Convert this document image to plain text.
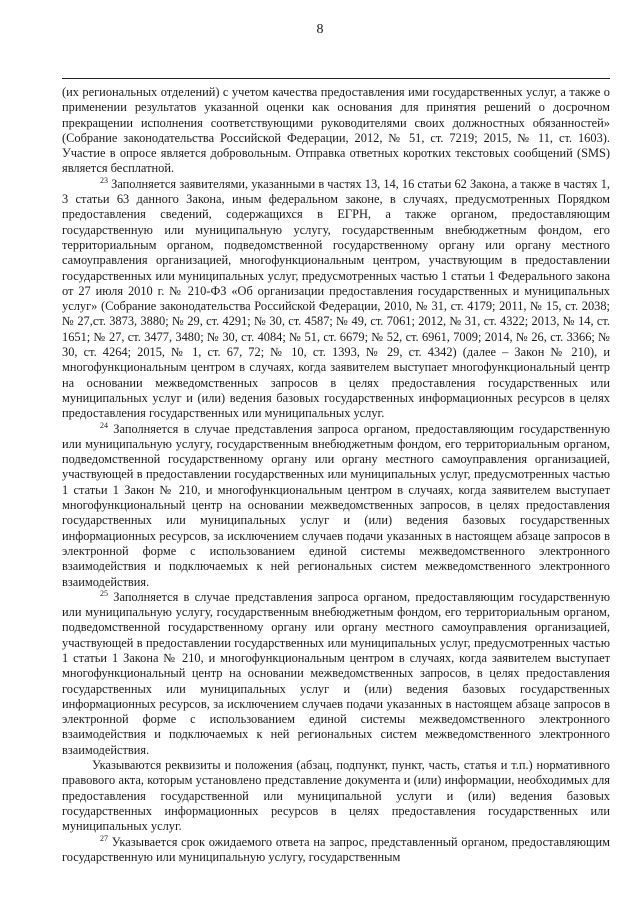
8

(их региональных отделений) с учетом качества предоставления ими государственных услуг, а также о применении результатов указанной оценки как основания для принятия решений о досрочном прекращении исполнения соответствующими руководителями своих должностных обязанностей» (Собрание законодательства Российской Федерации, 2012, № 51, ст. 7219; 2015, № 11, ст. 1603). Участие в опросе является добровольным. Отправка ответных коротких текстовых сообщений (SMS) является бесплатной.

$^{23}$ Заполняется заявителями, указанными в частях 13, 14, 16 статьи 62 Закона, а также в частях 1, 3 статьи 63 данного Закона, иным федеральном законе, в случаях, предусмотренных Порядком предоставления сведений, содержащихся в ЕГРН, а также органом, предоставляющим государственную или муниципальную услугу, государственным внебюджетным фондом, его территориальным органом, подведомственной государственному органу или органу местного самоуправления организацией, многофункциональным центром, участвующим в предоставлении государственных или муниципальных услуг, предусмотренных частью 1 статьи 1 Федерального закона от 27 июля 2010 г. № 210-ФЗ «Об организации предоставления государственных и муниципальных услуг» (Собрание законодательства Российской Федерации, 2010, № 31, ст. 4179; 2011, № 15, ст. 2038; № 27,ст. 3873, 3880; № 29, ст. 4291; № 30, ст. 4587; № 49, ст. 7061; 2012, № 31, ст. 4322; 2013, № 14, ст. 1651; № 27, ст. 3477, 3480; № 30, ст. 4084; № 51, ст. 6679; № 52, ст. 6961, 7009; 2014, № 26, ст. 3366; № 30, ст. 4264; 2015, № 1, ст. 67, 72; № 10, ст. 1393, № 29, ст. 4342) (далее – Закон № 210), и многофункциональным центром в случаях, когда заявителем выступает многофункциональный центр на основании межведомственных запросов в целях предоставления государственных или муниципальных услуг и (или) ведения базовых государственных информационных ресурсов в целях предоставления государственных или муниципальных услуг.

$^{24}$ Заполняется в случае представления запроса органом, предоставляющим государственную или муниципальную услугу, государственным внебюджетным фондом, его территориальным органом, подведомственной государственному органу или органу местного самоуправления организацией, участвующей в предоставлении государственных или муниципальных услуг, предусмотренных частью 1 статьи 1 Закон № 210, и многофункциональным центром в случаях, когда заявителем выступает многофункциональный центр на основании межведомственных запросов, в целях предоставления государственных или муниципальных услуг и (или) ведения базовых государственных информационных ресурсов, за исключением случаев подачи указанных в настоящем абзаце запросов в электронной форме с использованием единой системы межведомственного электронного взаимодействия и подключаемых к ней региональных систем межведомственного электронного взаимодействия.

$^{25}$ Заполняется в случае представления запроса органом, предоставляющим государственную или муниципальную услугу, государственным внебюджетным фондом, его территориальным органом, подведомственной государственному органу или органу местного самоуправления организацией, участвующей в предоставлении государственных или муниципальных услуг, предусмотренных частью 1 статьи 1 Закона № 210, и многофункциональным центром в случаях, когда заявителем выступает многофункциональный центр на основании межведомственных запросов, в целях предоставления государственных или муниципальных услуг и (или) ведения базовых государственных информационных ресурсов, за исключением случаев подачи указанных в настоящем абзаце запросов в электронной форме с использованием единой системы межведомственного электронного взаимодействия и подключаемых к ней региональных систем межведомственного электронного взаимодействия.

Указываются реквизиты и положения (абзац, подпункт, пункт, часть, статья и т.п.) нормативного правового акта, которым установлено представление документа и (или) информации, необходимых для предоставления государственной или муниципальной услуги и (или) ведения базовых государственных информационных ресурсов в целях предоставления государственных или муниципальных услуг.

$^{27}$ Указывается срок ожидаемого ответа на запрос, представленный органом, предоставляющим государственную или муниципальную услугу, государственным
